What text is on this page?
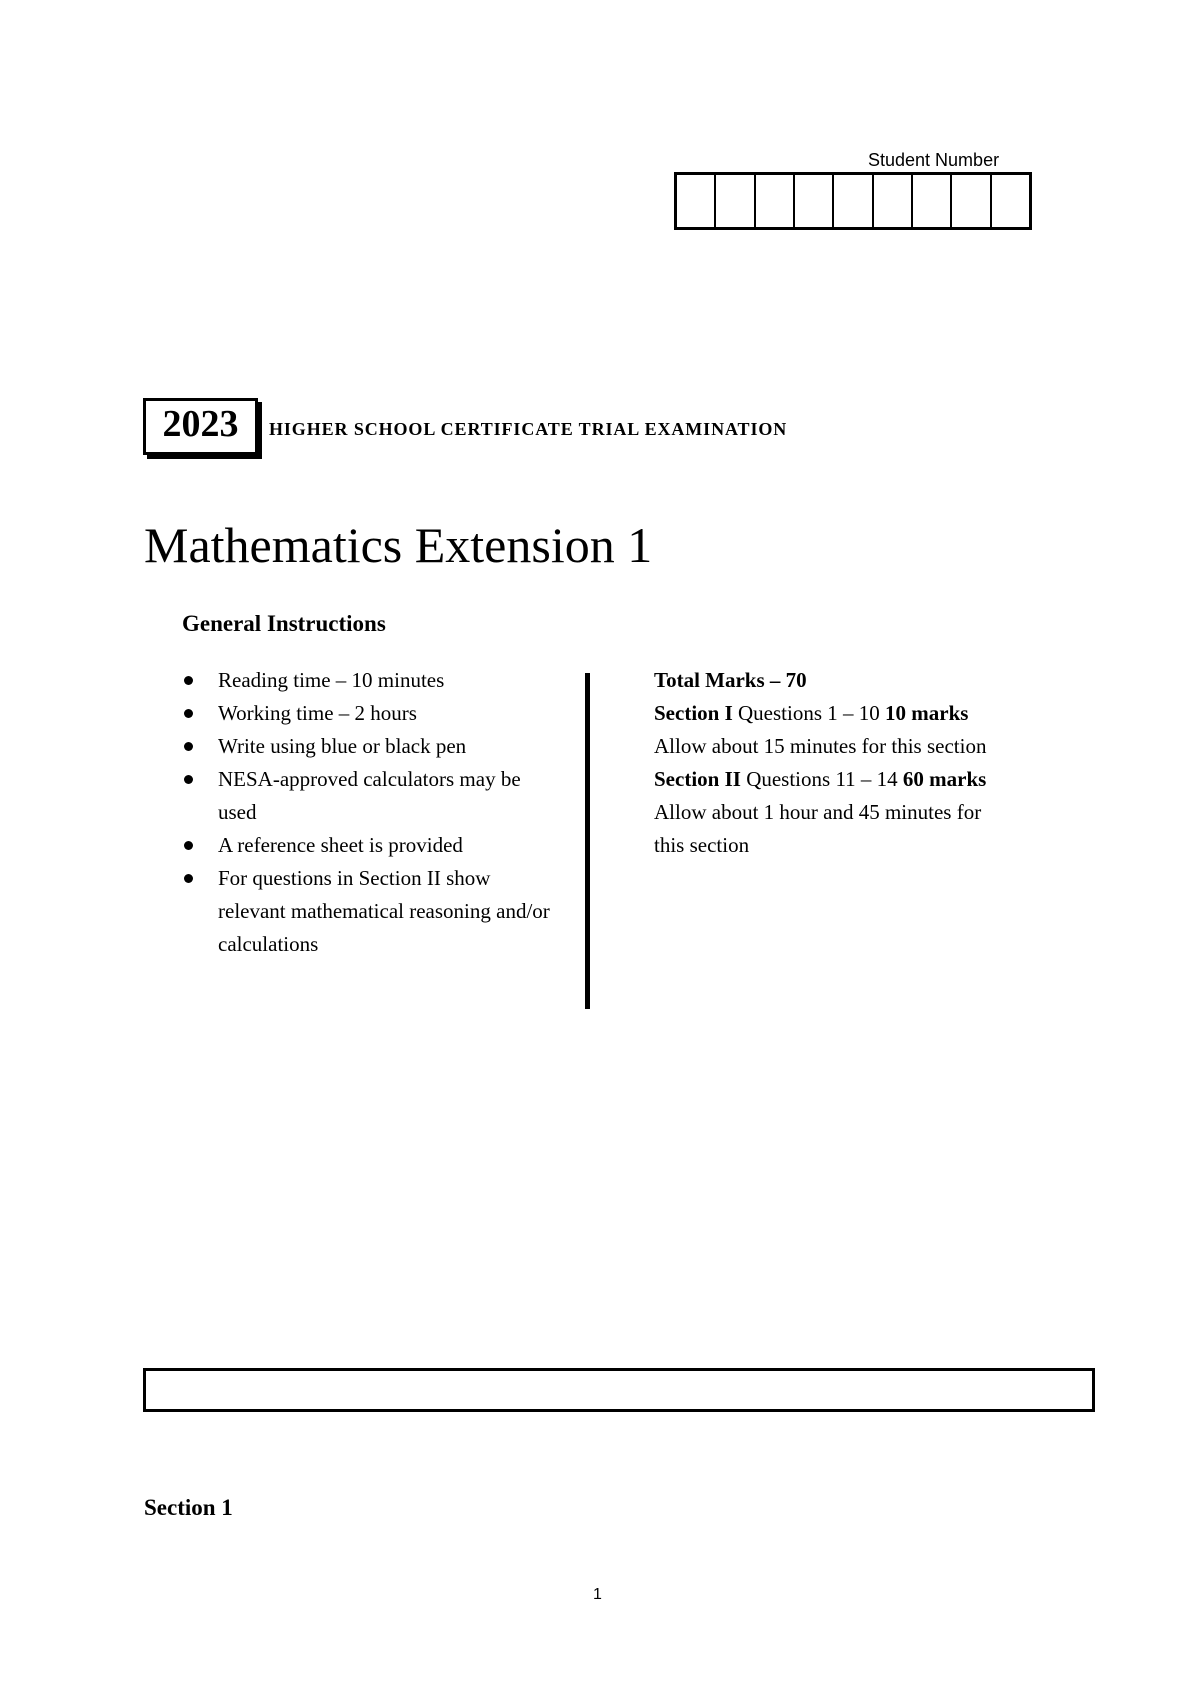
Student Number
2023	HIGHER SCHOOL CERTIFICATE TRIAL EXAMINATION
Mathematics Extension 1
General Instructions
Reading time – 10 minutes
Working time – 2 hours
Write using blue or black pen
NESA-approved calculators may be used
A reference sheet is provided
For questions in Section II show relevant mathematical reasoning and/or calculations
Total Marks – 70
Section I Questions 1 – 10 10 marks
Allow about 15 minutes for this section
Section II Questions 11 – 14 60 marks
Allow about 1 hour and 45 minutes for
this section
Section 1
1
